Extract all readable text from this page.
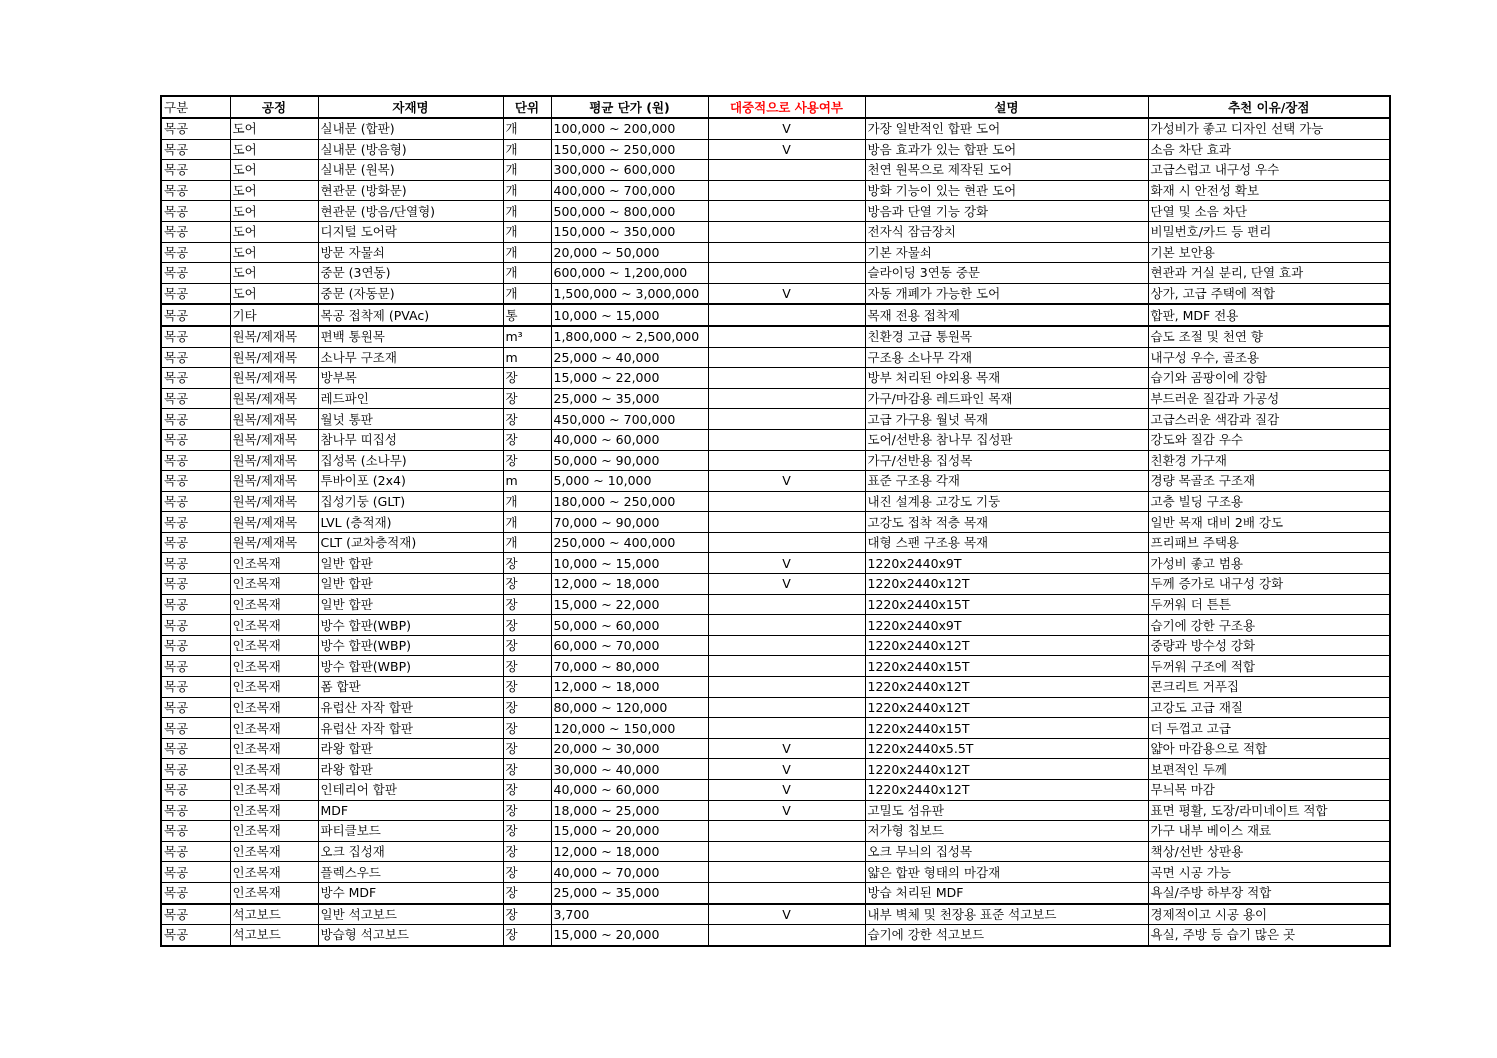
구분	공정	자재명	단위	평균 단가 (원)	대중적으로 사용여부	설명	추천 이유/장점
목공	도어	실내문 (합판)	개	100,000 ~ 200,000	V	가장 일반적인 합판 도어	가성비가 좋고 디자인 선택 가능
목공	도어	실내문 (방음형)	개	150,000 ~ 250,000	V	방음 효과가 있는 합판 도어	소음 차단 효과
목공	도어	실내문 (원목)	개	300,000 ~ 600,000		천연 원목으로 제작된 도어	고급스럽고 내구성 우수
목공	도어	현관문 (방화문)	개	400,000 ~ 700,000		방화 기능이 있는 현관 도어	화재 시 안전성 확보
목공	도어	현관문 (방음/단열형)	개	500,000 ~ 800,000		방음과 단열 기능 강화	단열 및 소음 차단
목공	도어	디지털 도어락	개	150,000 ~ 350,000		전자식 잠금장치	비밀번호/카드 등 편리
목공	도어	방문 자물쇠	개	20,000 ~ 50,000		기본 자물쇠	기본 보안용
목공	도어	중문 (3연동)	개	600,000 ~ 1,200,000		슬라이딩 3연동 중문	현관과 거실 분리, 단열 효과
목공	도어	중문 (자동문)	개	1,500,000 ~ 3,000,000	V	자동 개폐가 가능한 도어	상가, 고급 주택에 적합
목공	기타	목공 접착제 (PVAc)	통	10,000 ~ 15,000		목재 전용 접착제	합판, MDF 전용
목공	원목/제재목	편백 통원목	m³	1,800,000 ~ 2,500,000		친환경 고급 통원목	습도 조절 및 천연 향
목공	원목/제재목	소나무 구조재	m	25,000 ~ 40,000		구조용 소나무 각재	내구성 우수, 골조용
목공	원목/제재목	방부목	장	15,000 ~ 22,000		방부 처리된 야외용 목재	습기와 곰팡이에 강함
목공	원목/제재목	레드파인	장	25,000 ~ 35,000		가구/마감용 레드파인 목재	부드러운 질감과 가공성
목공	원목/제재목	월넛 통판	장	450,000 ~ 700,000		고급 가구용 월넛 목재	고급스러운 색감과 질감
목공	원목/제재목	참나무 띠집성	장	40,000 ~ 60,000		도어/선반용 참나무 집성판	강도와 질감 우수
목공	원목/제재목	집성목 (소나무)	장	50,000 ~ 90,000		가구/선반용 집성목	친환경 가구재
목공	원목/제재목	투바이포 (2x4)	m	5,000 ~ 10,000	V	표준 구조용 각재	경량 목골조 구조재
목공	원목/제재목	집성기둥 (GLT)	개	180,000 ~ 250,000		내진 설계용 고강도 기둥	고층 빌딩 구조용
목공	원목/제재목	LVL (층적재)	개	70,000 ~ 90,000		고강도 접착 적층 목재	일반 목재 대비 2배 강도
목공	원목/제재목	CLT (교차층적재)	개	250,000 ~ 400,000		대형 스팬 구조용 목재	프리패브 주택용
목공	인조목재	일반 합판	장	10,000 ~ 15,000	V	1220x2440x9T	가성비 좋고 범용
목공	인조목재	일반 합판	장	12,000 ~ 18,000	V	1220x2440x12T	두께 증가로 내구성 강화
목공	인조목재	일반 합판	장	15,000 ~ 22,000		1220x2440x15T	두꺼워 더 튼튼
목공	인조목재	방수 합판(WBP)	장	50,000 ~ 60,000		1220x2440x9T	습기에 강한 구조용
목공	인조목재	방수 합판(WBP)	장	60,000 ~ 70,000		1220x2440x12T	중량과 방수성 강화
목공	인조목재	방수 합판(WBP)	장	70,000 ~ 80,000		1220x2440x15T	두꺼워 구조에 적합
목공	인조목재	폼 합판	장	12,000 ~ 18,000		1220x2440x12T	콘크리트 거푸집
목공	인조목재	유럽산 자작 합판	장	80,000 ~ 120,000		1220x2440x12T	고강도 고급 재질
목공	인조목재	유럽산 자작 합판	장	120,000 ~ 150,000		1220x2440x15T	더 두껍고 고급
목공	인조목재	라왕 합판	장	20,000 ~ 30,000	V	1220x2440x5.5T	얇아 마감용으로 적합
목공	인조목재	라왕 합판	장	30,000 ~ 40,000	V	1220x2440x12T	보편적인 두께
목공	인조목재	인테리어 합판	장	40,000 ~ 60,000	V	1220x2440x12T	무늬목 마감
목공	인조목재	MDF	장	18,000 ~ 25,000	V	고밀도 섬유판	표면 평활, 도장/라미네이트 적합
목공	인조목재	파티클보드	장	15,000 ~ 20,000		저가형 칩보드	가구 내부 베이스 재료
목공	인조목재	오크 집성재	장	12,000 ~ 18,000		오크 무늬의 집성목	책상/선반 상판용
목공	인조목재	플렉스우드	장	40,000 ~ 70,000		얇은 합판 형태의 마감재	곡면 시공 가능
목공	인조목재	방수 MDF	장	25,000 ~ 35,000		방습 처리된 MDF	욕실/주방 하부장 적합
목공	석고보드	일반 석고보드	장	3,700	V	내부 벽체 및 천장용 표준 석고보드	경제적이고 시공 용이
목공	석고보드	방습형 석고보드	장	15,000 ~ 20,000		습기에 강한 석고보드	욕실, 주방 등 습기 많은 곳
